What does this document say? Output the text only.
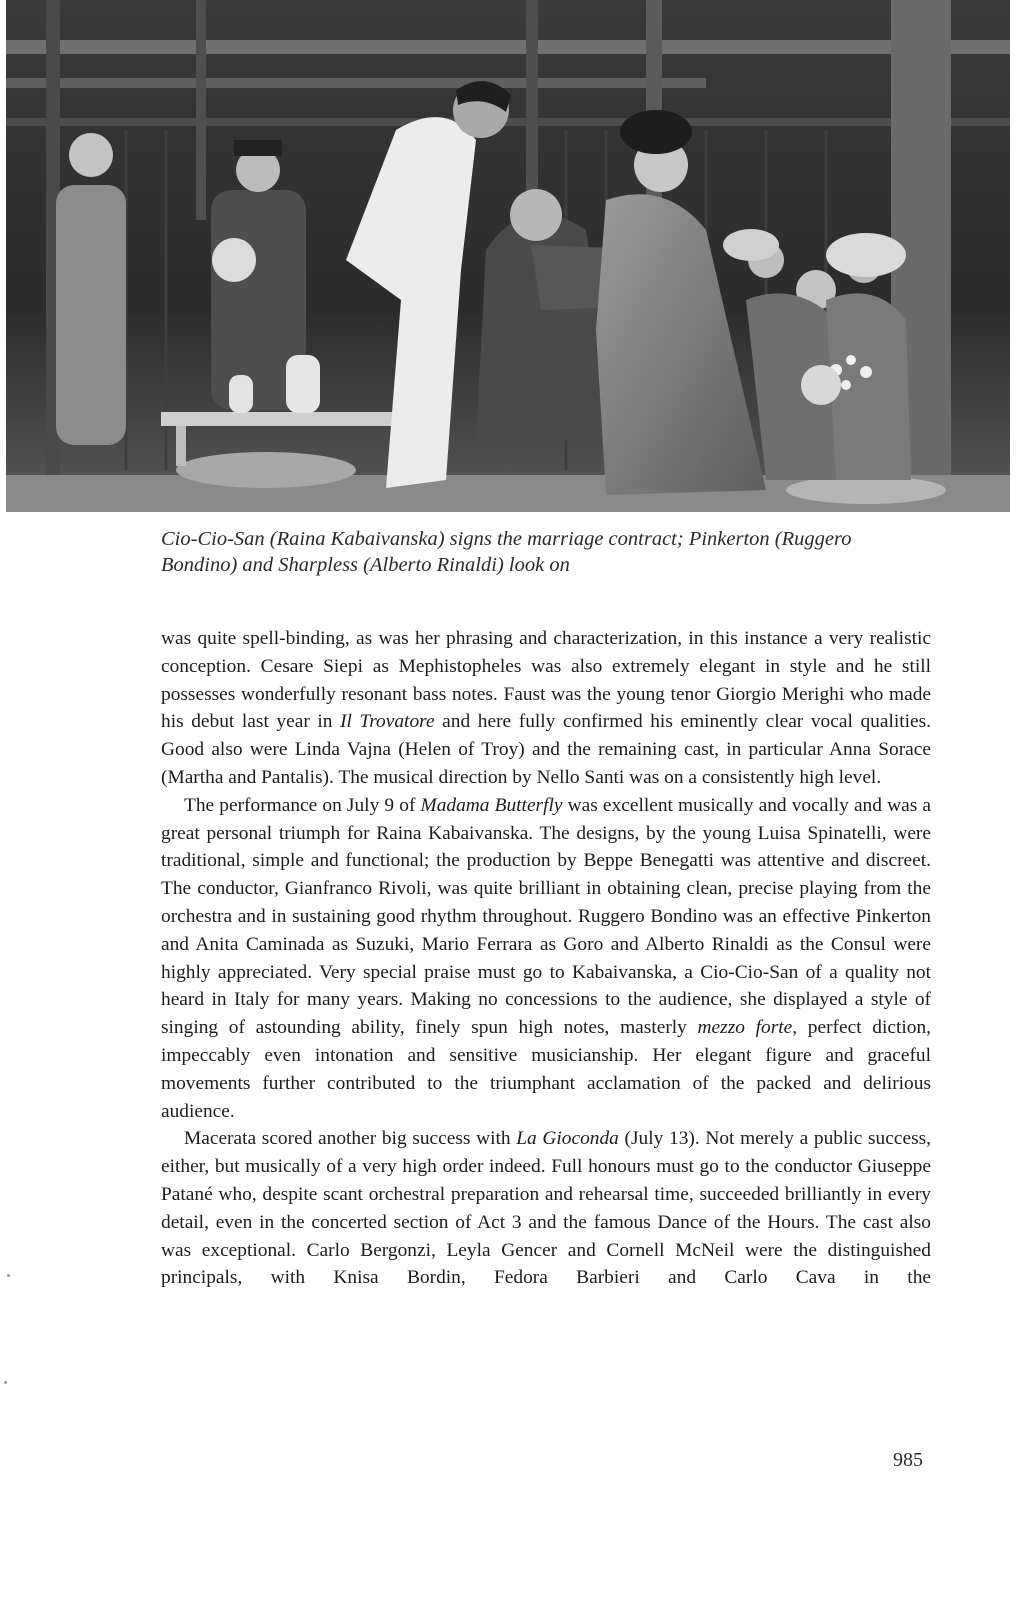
Cio-Cio-San (Raina Kabaivanska) signs the marriage contract; Pinkerton (Ruggero Bondino) and Sharpless (Alberto Rinaldi) look on

was quite spell-binding, as was her phrasing and characterization, in this instance a very realistic conception. Cesare Siepi as Mephistopheles was also extremely elegant in style and he still possesses wonderfully resonant bass notes. Faust was the young tenor Giorgio Merighi who made his debut last year in Il Trovatore and here fully confirmed his eminently clear vocal qualities. Good also were Linda Vajna (Helen of Troy) and the remaining cast, in particular Anna Sorace (Martha and Pantalis). The musical direction by Nello Santi was on a consistently high level.

The performance on July 9 of Madama Butterfly was excellent musically and vocally and was a great personal triumph for Raina Kabaivanska. The designs, by the young Luisa Spinatelli, were traditional, simple and functional; the production by Beppe Benegatti was attentive and discreet. The conductor, Gianfranco Rivoli, was quite brilliant in obtaining clean, precise playing from the orchestra and in sustaining good rhythm throughout. Ruggero Bondino was an effective Pinkerton and Anita Caminada as Suzuki, Mario Ferrara as Goro and Alberto Rinaldi as the Consul were highly appreciated. Very special praise must go to Kabaivanska, a Cio-Cio-San of a quality not heard in Italy for many years. Making no concessions to the audience, she displayed a style of singing of astounding ability, finely spun high notes, masterly mezzo forte, perfect diction, impeccably even intonation and sensitive musicianship. Her elegant figure and graceful movements further contributed to the triumphant acclamation of the packed and delirious audience.

Macerata scored another big success with La Gioconda (July 13). Not merely a public success, either, but musically of a very high order indeed. Full honours must go to the conductor Giuseppe Patané who, despite scant orchestral preparation and rehearsal time, succeeded brilliantly in every detail, even in the concerted section of Act 3 and the famous Dance of the Hours. The cast also was exceptional. Carlo Bergonzi, Leyla Gencer and Cornell McNeil were the distinguished principals, with Knisa Bordin, Fedora Barbieri and Carlo Cava in the

985
